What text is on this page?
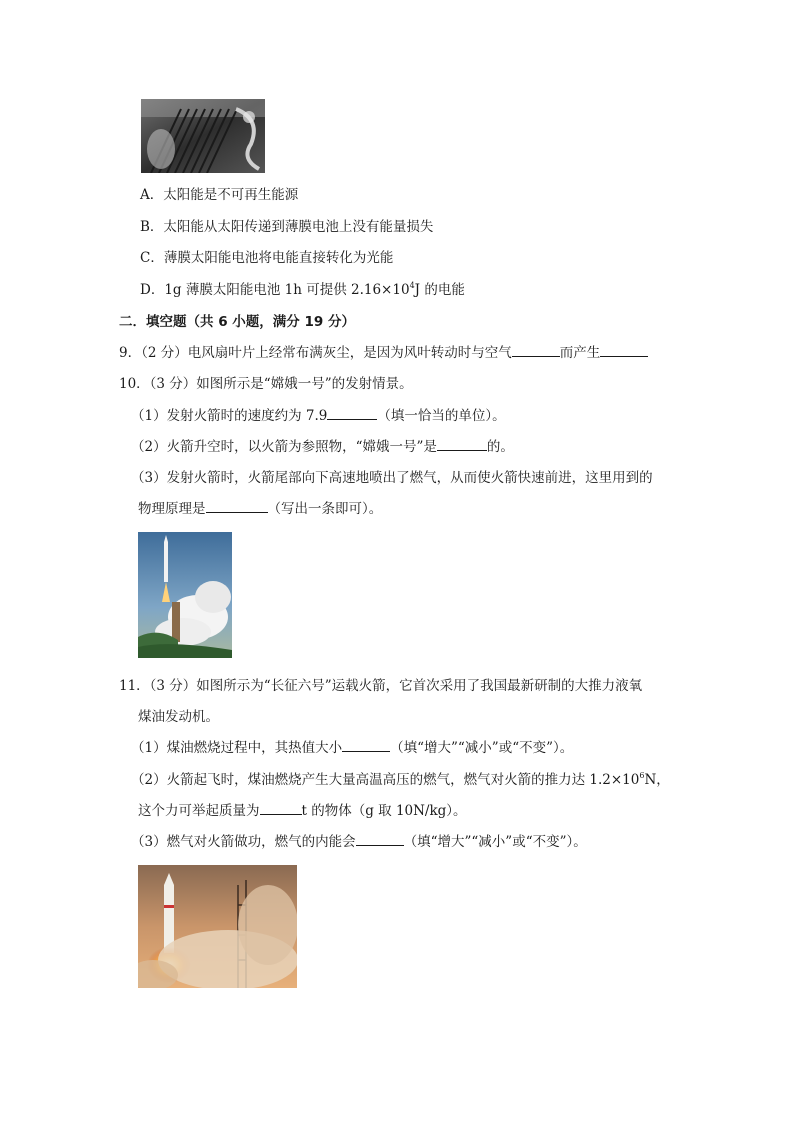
A．太阳能是不可再生能源
B．太阳能从太阳传递到薄膜电池上没有能量损失
C．薄膜太阳能电池将电能直接转化为光能
D．1g 薄膜太阳能电池 1h 可提供 $2.16\times 10^4J$ 的电能
二．填空题（共 6 小题，满分 19 分）
9．（2 分）电风扇叶片上经常布满灰尘，是因为风叶转动时与空气	而产生
10．（3 分）如图所示是“嫦娥一号”的发射情景。
（1）发射火箭时的速度约为 7.9	（填一恰当的单位）。
（2）火箭升空时，以火箭为参照物，“嫦娥一号”是	的。
（3）发射火箭时，火箭尾部向下高速地喷出了燃气，从而使火箭快速前进，这里用到的
物理原理是	（写出一条即可）。
11．（3 分）如图所示为“长征六号”运载火箭，它首次采用了我国最新研制的大推力液氧
煤油发动机。
（1）煤油燃烧过程中，其热值大小	（填“增大”“减小”或“不变”）。
（2）火箭起飞时，煤油燃烧产生大量高温高压的燃气，燃气对火箭的推力达 $1.2\times 10^6N$，
这个力可举起质量为	t 的物体（g 取 10N/kg）。
（3）燃气对火箭做功，燃气的内能会	（填“增大”“减小”或“不变”）。
